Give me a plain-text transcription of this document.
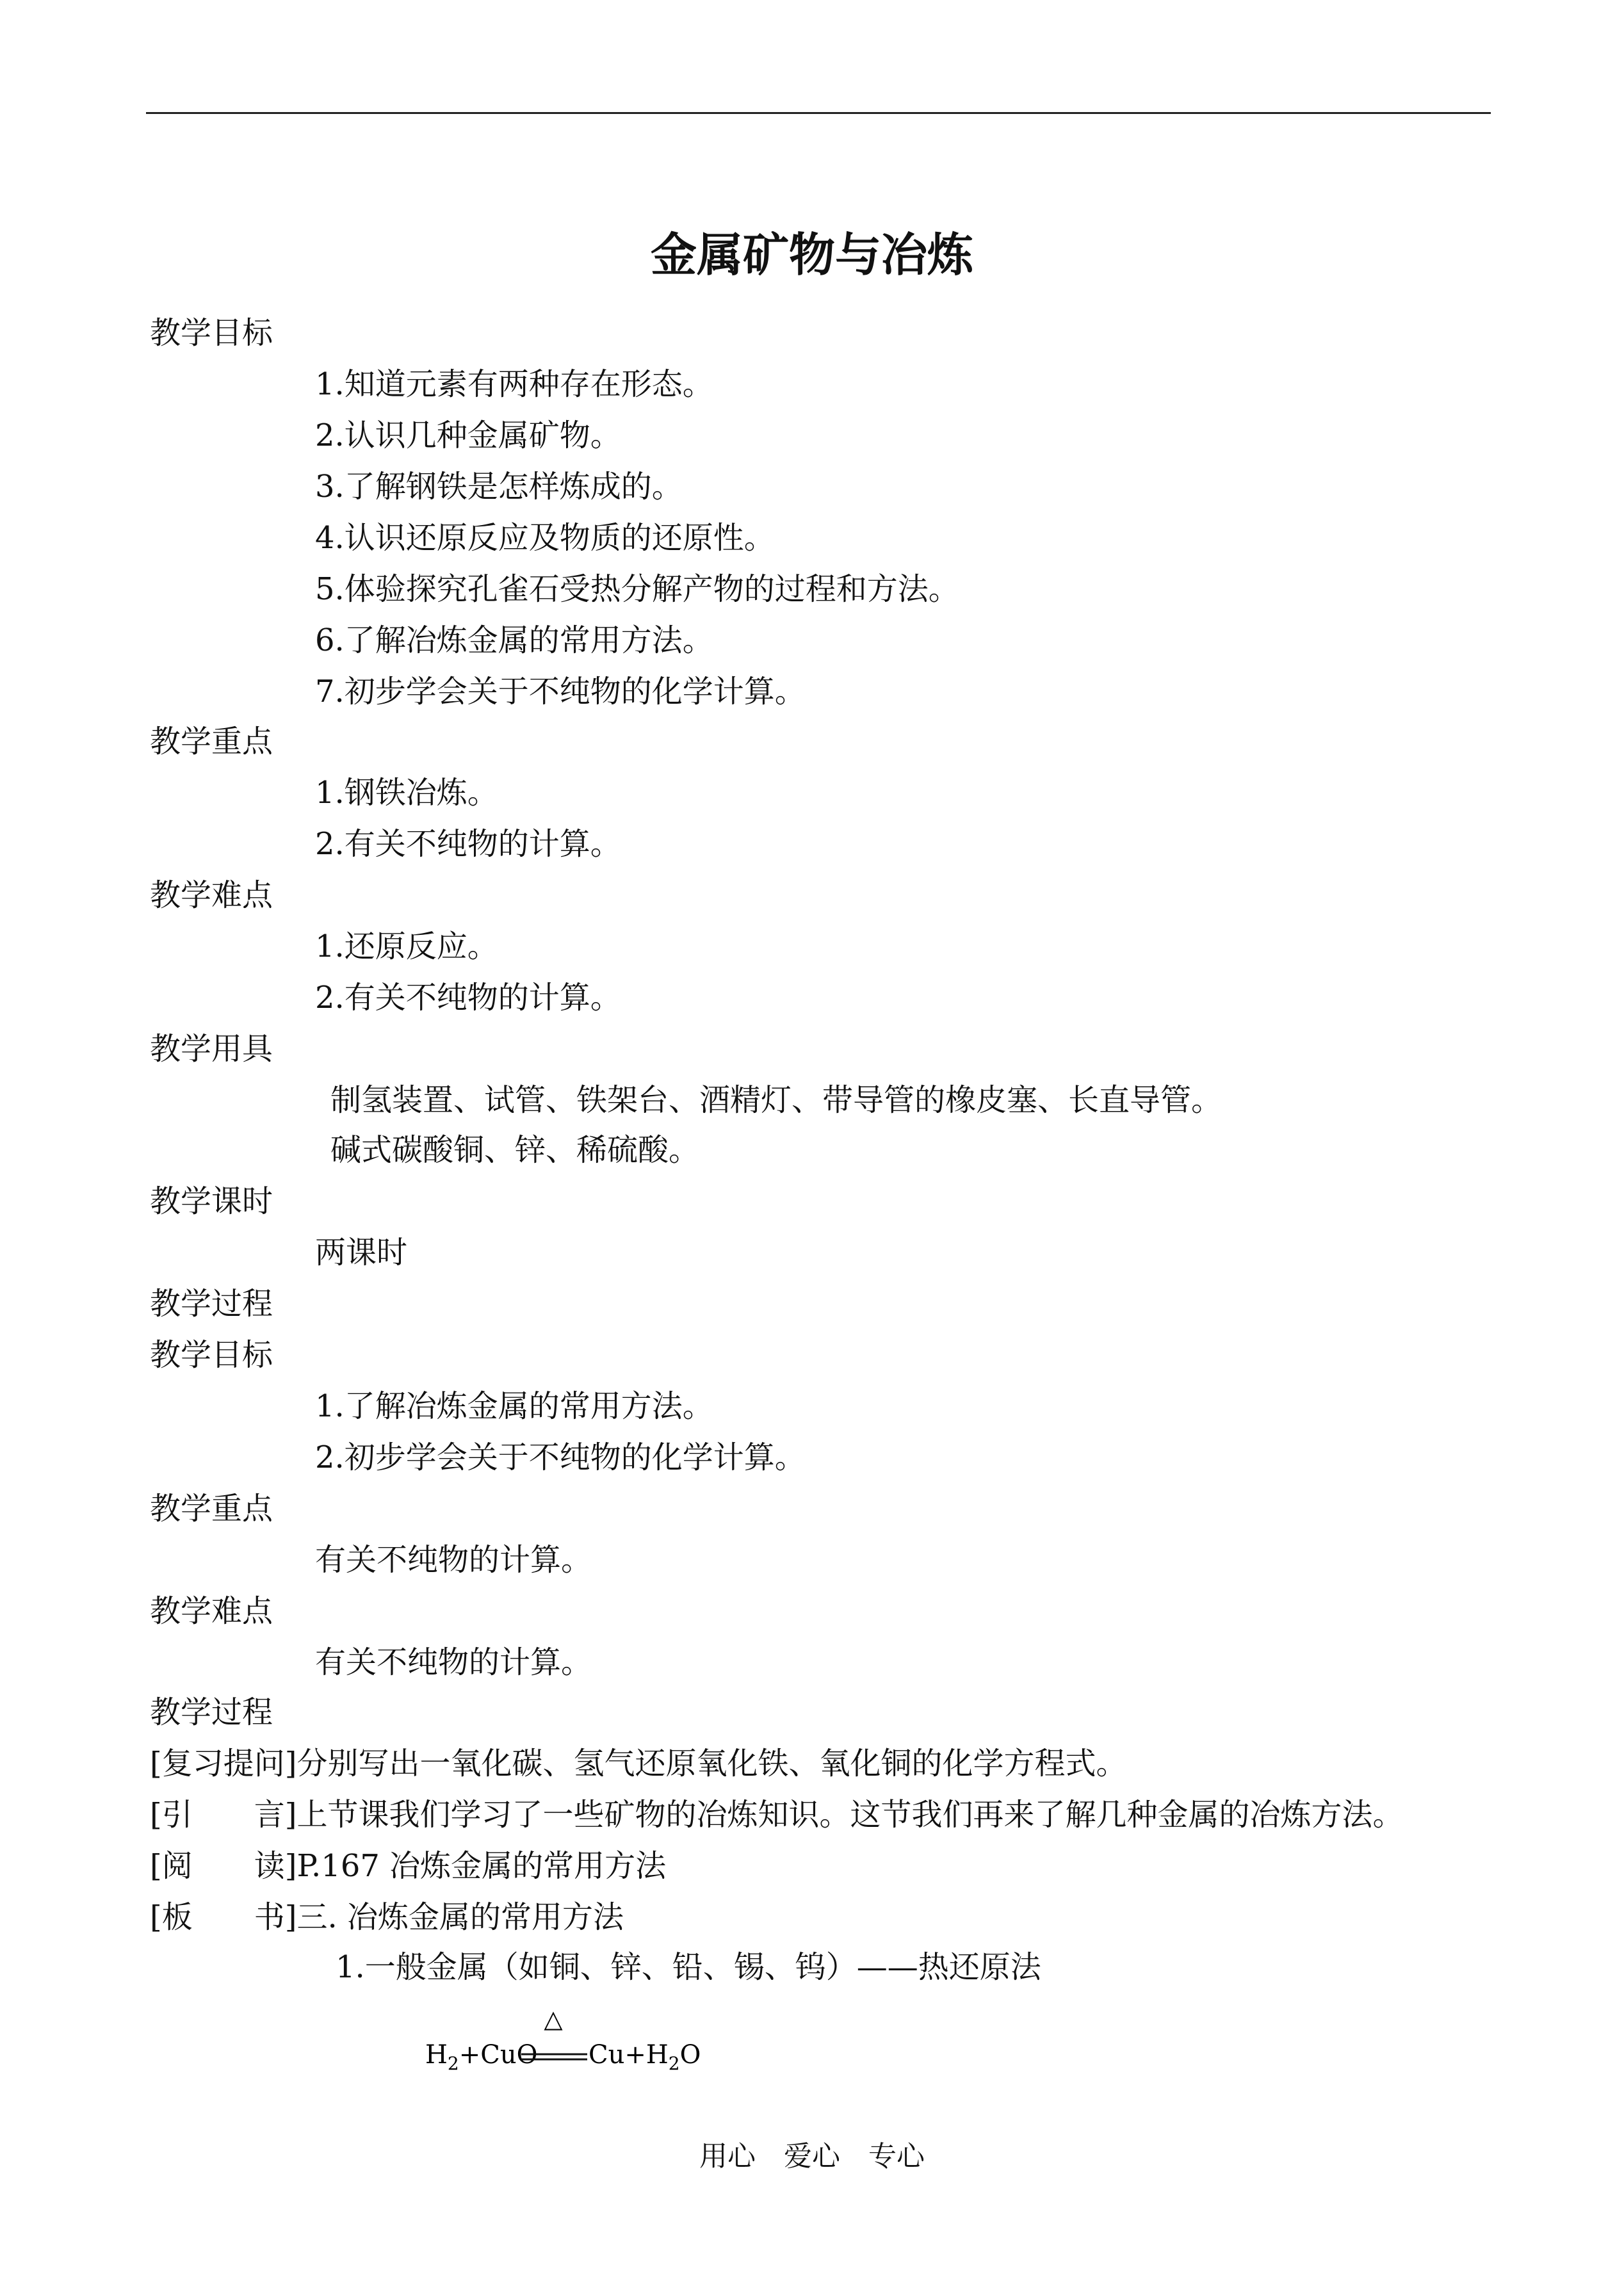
金属矿物与冶炼
教学目标
1.知道元素有两种存在形态。
2.认识几种金属矿物。
3.了解钢铁是怎样炼成的。
4.认识还原反应及物质的还原性。
5.体验探究孔雀石受热分解产物的过程和方法。
6.了解冶炼金属的常用方法。
7.初步学会关于不纯物的化学计算。
教学重点
1.钢铁冶炼。
2.有关不纯物的计算。
教学难点
1.还原反应。
2.有关不纯物的计算。
教学用具
制氢装置、试管、铁架台、酒精灯、带导管的橡皮塞、长直导管。
碱式碳酸铜、锌、稀硫酸。
教学课时
两课时
教学过程
教学目标
1.了解冶炼金属的常用方法。
2.初步学会关于不纯物的化学计算。
教学重点
有关不纯物的计算。
教学难点
有关不纯物的计算。
教学过程
[复习提问]分别写出一氧化碳、氢气还原氧化铁、氧化铜的化学方程式。
[引　　言]上节课我们学习了一些矿物的冶炼知识。这节我们再来了解几种金属的冶炼方法。
[阅　　读]P.167 冶炼金属的常用方法
[板　　书]三. 冶炼金属的常用方法
1.一般金属（如铜、锌、铅、锡、钨）——热还原法
△
$H_2+CuO$ $Cu+H_2O$
用心　爱心　专心
